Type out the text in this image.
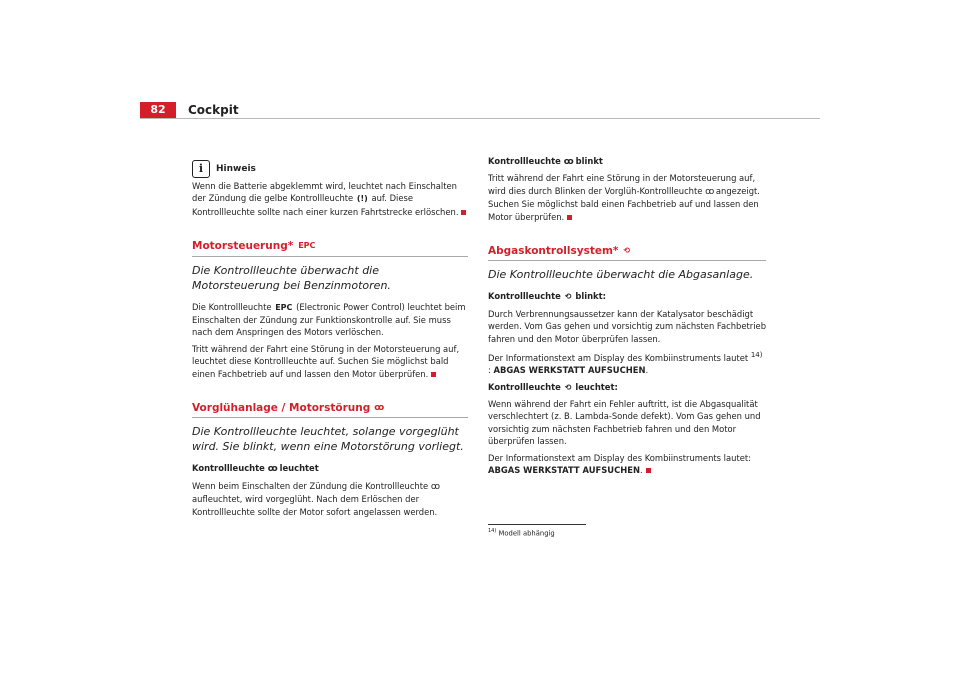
82	Cockpit
i	Hinweis

Wenn die Batterie abgeklemmt wird, leuchtet nach Einschalten der Zündung die gelbe Kontrollleuchte (!) auf. Diese Kontrollleuchte sollte nach einer kurzen Fahrtstrecke erlöschen.

Motorsteuerung* EPC
Die Kontrollleuchte überwacht die Motorsteuerung bei Benzinmotoren.

Die Kontrollleuchte EPC (Electronic Power Control) leuchtet beim Einschalten der Zündung zur Funktionskontrolle auf. Sie muss nach dem Anspringen des Motors verlöschen.

Tritt während der Fahrt eine Störung in der Motorsteuerung auf, leuchtet diese Kontrollleuchte auf. Suchen Sie möglichst bald einen Fachbetrieb auf und lassen den Motor überprüfen.

Vorglühanlage / Motorstörung ꝏ
Die Kontrollleuchte leuchtet, solange vorgeglüht wird. Sie blinkt, wenn eine Motorstörung vorliegt.

Kontrollleuchte ꝏ leuchtet

Wenn beim Einschalten der Zündung die Kontrollleuchte ꝏ aufleuchtet, wird vorgeglüht. Nach dem Erlöschen der Kontrollleuchte sollte der Motor sofort angelassen werden.

Kontrollleuchte ꝏ blinkt

Tritt während der Fahrt eine Störung in der Motorsteuerung auf, wird dies durch Blinken der Vorglüh-Kontrollleuchte ꝏ angezeigt. Suchen Sie möglichst bald einen Fachbetrieb auf und lassen den Motor überprüfen.

Abgaskontrollsystem* ⟲
Die Kontrollleuchte überwacht die Abgasanlage.

Kontrollleuchte ⟲ blinkt:

Durch Verbrennungsaussetzer kann der Katalysator beschädigt werden. Vom Gas gehen und vorsichtig zum nächsten Fachbetrieb fahren und den Motor überprüfen lassen.

Der Informationstext am Display des Kombiinstruments lautet $^{14)}$ : ABGAS WERKSTATT AUFSUCHEN.

Kontrollleuchte ⟲ leuchtet:

Wenn während der Fahrt ein Fehler auftritt, ist die Abgasqualität verschlechtert (z. B. Lambda-Sonde defekt). Vom Gas gehen und vorsichtig zum nächsten Fachbetrieb fahren und den Motor überprüfen lassen.

Der Informationstext am Display des Kombiinstruments lautet: ABGAS WERKSTATT AUFSUCHEN.

$^{14)}$ Modell abhängig
